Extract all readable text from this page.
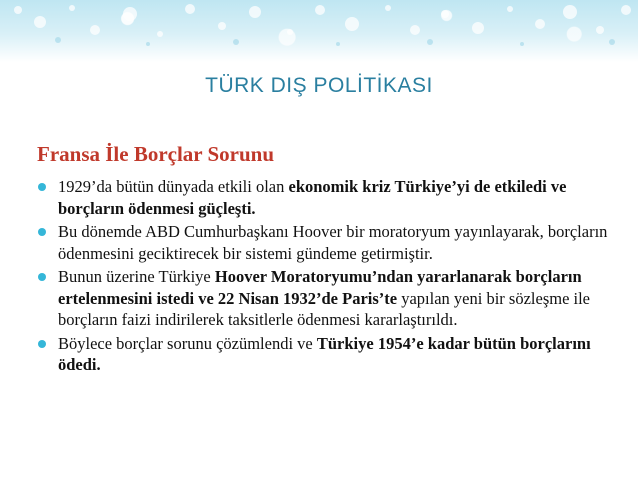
TÜRK DIŞ POLİTİKASI
Fransa İle Borçlar Sorunu
1929’da bütün dünyada etkili olan ekonomik kriz Türkiye’yi de etkiledi ve borçların ödenmesi güçleşti.
Bu dönemde ABD Cumhurbaşkanı Hoover bir moratoryum yayınlayarak, borçların ödenmesini geciktirecek bir sistemi gündeme getirmiştir.
Bunun üzerine Türkiye Hoover Moratoryumu’ndan yararlanarak borçların ertelenmesini istedi ve 22 Nisan 1932’de Paris’te yapılan yeni bir sözleşme ile borçların faizi indirilerek taksitlerle ödenmesi kararlaştırıldı.
Böylece borçlar sorunu çözümlendi ve Türkiye 1954’e kadar bütün borçlarını ödedi.
